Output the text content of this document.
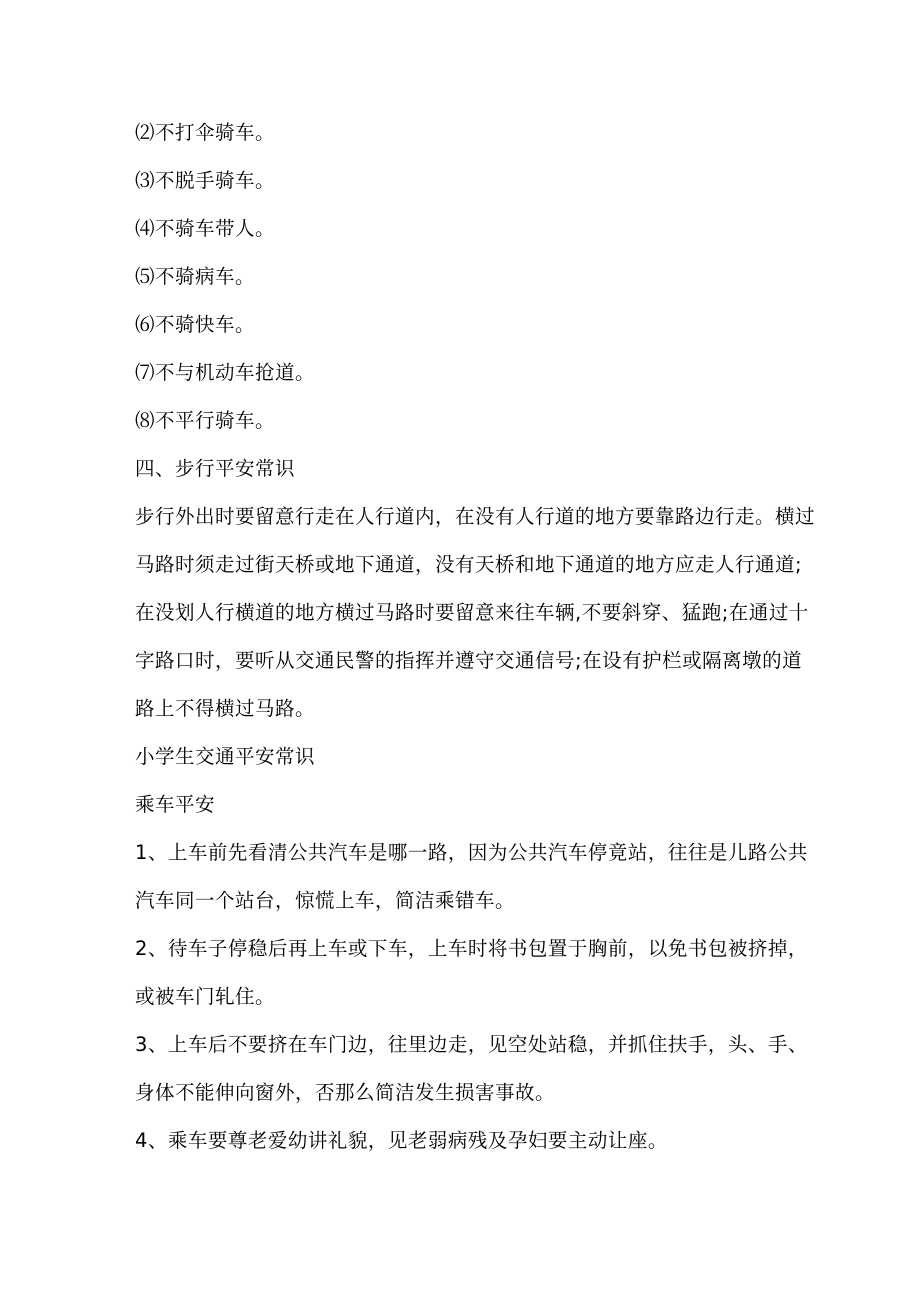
⑵不打伞骑车。

⑶不脱手骑车。

⑷不骑车带人。

⑸不骑病车。

⑹不骑快车。

⑺不与机动车抢道。

⑻不平行骑车。

四、步行平安常识

步行外出时要留意行走在人行道内，在没有人行道的地方要靠路边行走。横过马路时须走过街天桥或地下通道，没有天桥和地下通道的地方应走人行通道;在没划人行横道的地方横过马路时要留意来往车辆,不要斜穿、猛跑;在通过十字路口时，要听从交通民警的指挥并遵守交通信号;在设有护栏或隔离墩的道路上不得横过马路。

小学生交通平安常识

乘车平安

1、上车前先看清公共汽车是哪一路，因为公共汽车停竟站，往往是儿路公共汽车同一个站台，惊慌上车，简洁乘错车。

2、待车子停稳后再上车或下车，上车时将书包置于胸前，以免书包被挤掉，或被车门轧住。

3、上车后不要挤在车门边，往里边走，见空处站稳，并抓住扶手，头、手、身体不能伸向窗外，否那么简洁发生损害事故。

4、乘车要尊老爱幼讲礼貌，见老弱病残及孕妇要主动让座。
